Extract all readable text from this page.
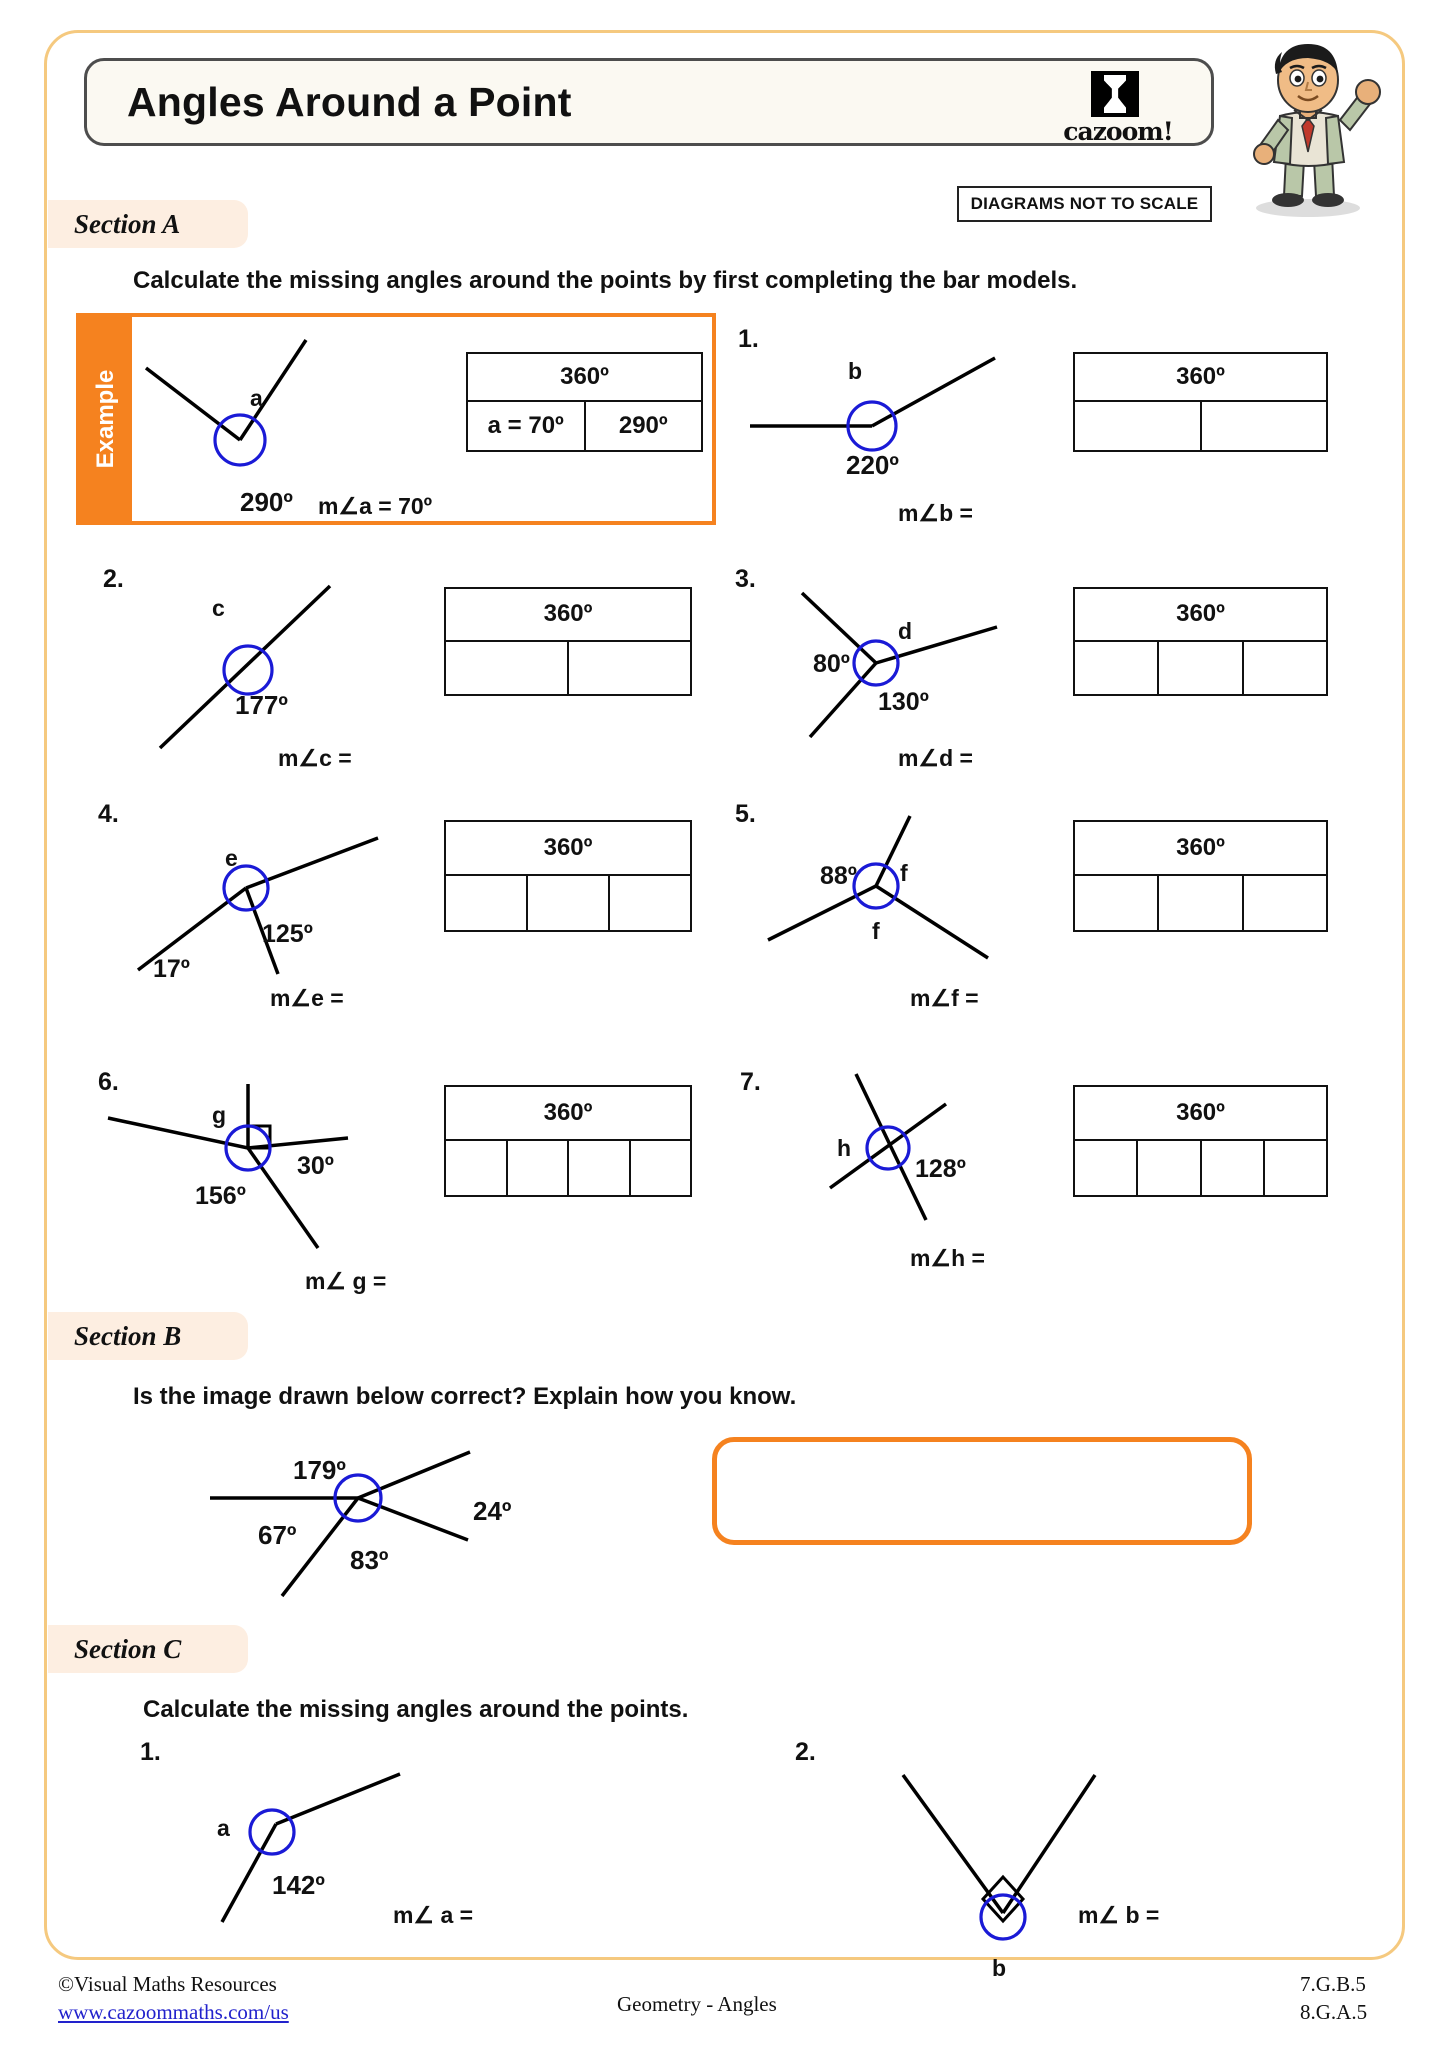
Angles Around a Point
cazoom!
DIAGRAMS NOT TO SCALE
Section A
Calculate the missing angles around the points by first completing the bar models.
Example	a
290º m∠a = 70º
360º
a = 70º	290º
1.
b
220º
m∠b =
360º
2.
c
177º
m∠c =
360º
3.
d
80º
130º
m∠d =
360º
4.
e
125º
17º
m∠e =
360º
5.
88º f
f
m∠f =
360º
6.
g
30º
156º
m∠ g =
360º
7.
h
128º
m∠h =
360º
Section B
Is the image drawn below correct? Explain how you know.
179º
24º
67º
83º
Section C
Calculate the missing angles around the points.
1.
a
142º
m∠ a =
2.
b
m∠ b =
©Visual Maths Resources
www.cazoommaths.com/us	Geometry - Angles
7.G.B.5
8.G.A.5
